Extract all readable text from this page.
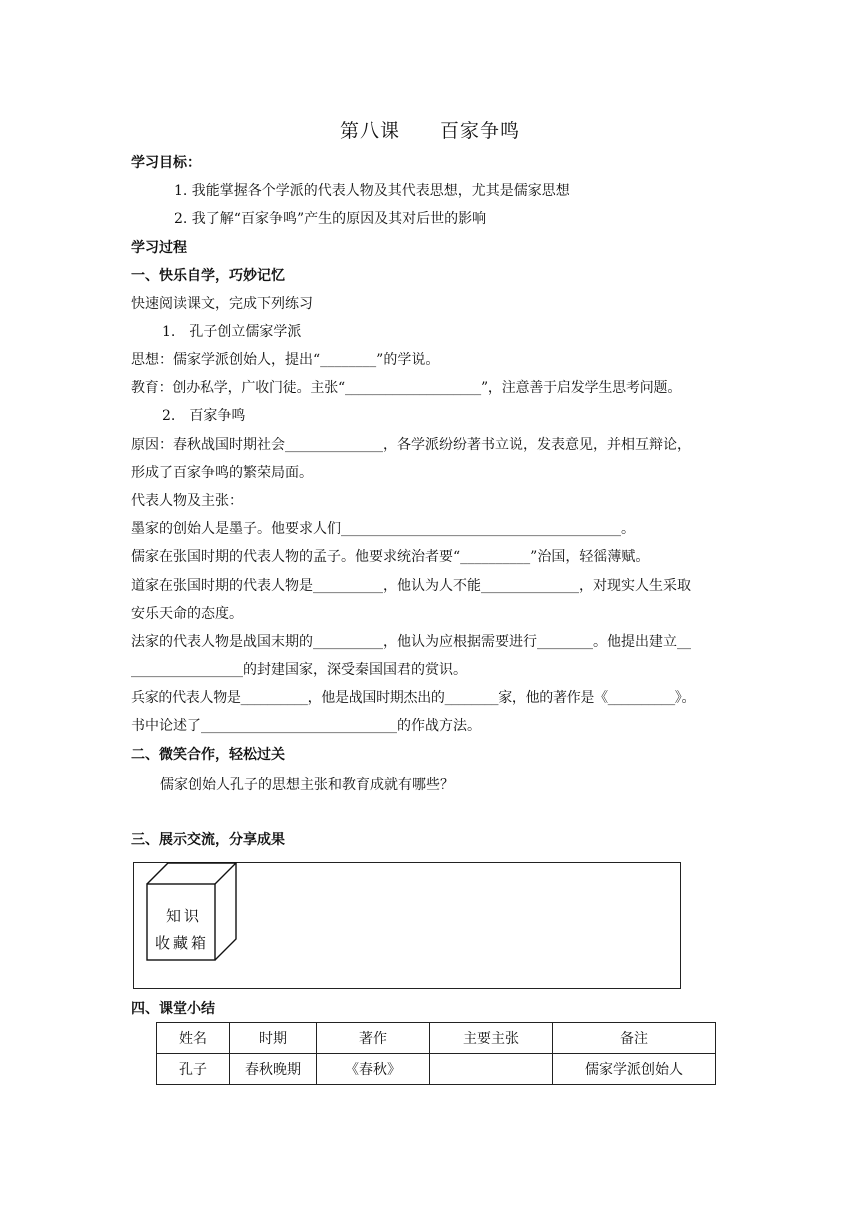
第八课 百家争鸣
学习目标：
1. 我能掌握各个学派的代表人物及其代表思想，尤其是儒家思想
2. 我了解“百家争鸣”产生的原因及其对后世的影响
学习过程
一、快乐自学，巧妙记忆
快速阅读课文，完成下列练习
1.　孔子创立儒家学派
思想：儒家学派创始人，提出“________”的学说。
教育：创办私学，广收门徒。主张“____________________”，注意善于启发学生思考问题。
2.　百家争鸣
原因：春秋战国时期社会______________，各学派纷纷著书立说，发表意见，并相互辩论，
形成了百家争鸣的繁荣局面。
代表人物及主张：
墨家的创始人是墨子。他要求人们________________________________________。
儒家在张国时期的代表人物的孟子。他要求统治者要“__________”治国，轻徭薄赋。
道家在张国时期的代表人物是__________，他认为人不能______________，对现实人生采取
安乐天命的态度。
法家的代表人物是战国末期的__________，他认为应根据需要进行________。他提出建立__
________________的封建国家，深受秦国国君的赏识。
兵家的代表人物是__________，他是战国时期杰出的________家，他的著作是《__________》。
书中论述了____________________________的作战方法。
二、微笑合作，轻松过关
儒家创始人孔子的思想主张和教育成就有哪些？
三、展示交流，分享成果
知识
收藏箱
四、课堂小结
姓名	时期	著作	主要主张	备注
孔子	春秋晚期	《春秋》		儒家学派创始人
